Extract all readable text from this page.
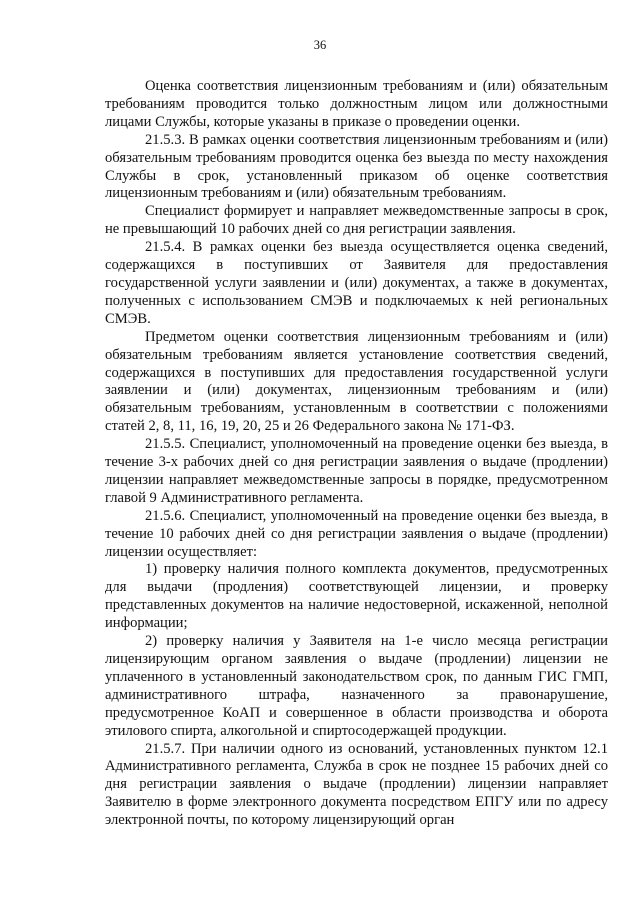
36

Оценка соответствия лицензионным требованиям и (или) обязательным требованиям проводится только должностным лицом или должностными лицами Службы, которые указаны в приказе о проведении оценки.

21.5.3. В рамках оценки соответствия лицензионным требованиям и (или) обязательным требованиям проводится оценка без выезда по месту нахождения Службы в срок, установленный приказом об оценке соответствия лицензионным требованиям и (или) обязательным требованиям.

Специалист формирует и направляет межведомственные запросы в срок, не превышающий 10 рабочих дней со дня регистрации заявления.

21.5.4. В рамках оценки без выезда осуществляется оценка сведений, содержащихся в поступивших от Заявителя для предоставления государственной услуги заявлении и (или) документах, а также в документах, полученных с использованием СМЭВ и подключаемых к ней региональных СМЭВ.

Предметом оценки соответствия лицензионным требованиям и (или) обязательным требованиям является установление соответствия сведений, содержащихся в поступивших для предоставления государственной услуги заявлении и (или) документах, лицензионным требованиям и (или) обязательным требованиям, установленным в соответствии с положениями статей 2, 8, 11, 16, 19, 20, 25 и 26 Федерального закона № 171-ФЗ.

21.5.5. Специалист, уполномоченный на проведение оценки без выезда, в течение 3-х рабочих дней со дня регистрации заявления о выдаче (продлении) лицензии направляет межведомственные запросы в порядке, предусмотренном главой 9 Административного регламента.

21.5.6. Специалист, уполномоченный на проведение оценки без выезда, в течение 10 рабочих дней со дня регистрации заявления о выдаче (продлении) лицензии осуществляет:

1) проверку наличия полного комплекта документов, предусмотренных для выдачи (продления) соответствующей лицензии, и проверку представленных документов на наличие недостоверной, искаженной, неполной информации;

2) проверку наличия у Заявителя на 1-е число месяца регистрации лицензирующим органом заявления о выдаче (продлении) лицензии не уплаченного в установленный законодательством срок, по данным ГИС ГМП, административного штрафа, назначенного за правонарушение, предусмотренное КоАП и совершенное в области производства и оборота этилового спирта, алкогольной и спиртосодержащей продукции.

21.5.7. При наличии одного из оснований, установленных пунктом 12.1 Административного регламента, Служба в срок не позднее 15 рабочих дней со дня регистрации заявления о выдаче (продлении) лицензии направляет Заявителю в форме электронного документа посредством ЕПГУ или по адресу электронной почты, по которому лицензирующий орган
